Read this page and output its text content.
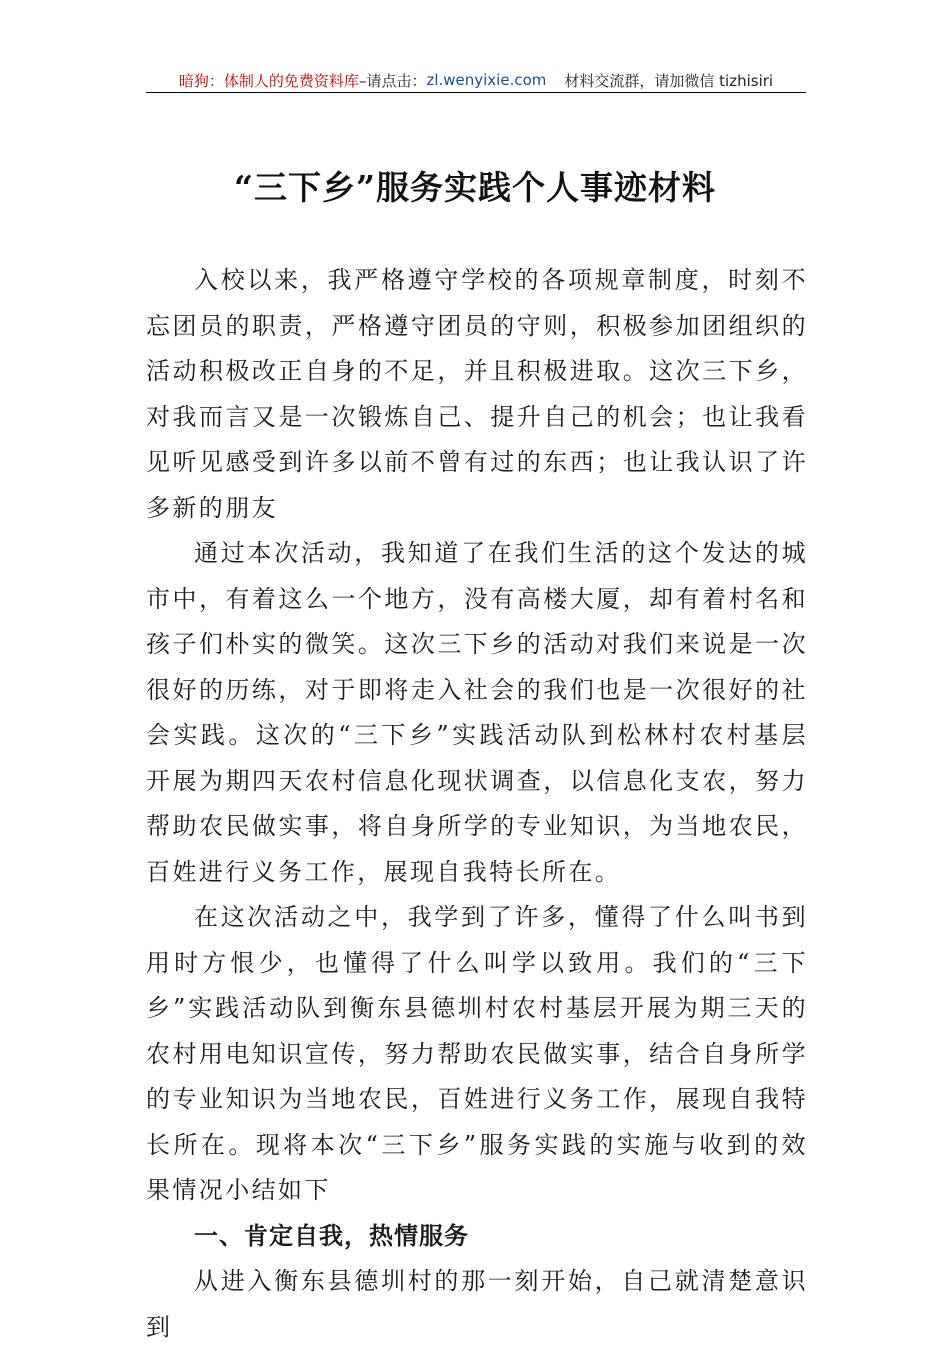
暗狗：体制人的免费资料库 –请点击： zl.wenyixie.com 材料交流群，请加微信 tizhisiri
“三下乡”服务实践个人事迹材料

入校以来，我严格遵守学校的各项规章制度，时刻不忘团员的职责，严格遵守团员的守则，积极参加团组织的活动积极改正自身的不足，并且积极进取。这次三下乡，对我而言又是一次锻炼自己、提升自己的机会；也让我看见听见感受到许多以前不曾有过的东西；也让我认识了许多新的朋友

通过本次活动，我知道了在我们生活的这个发达的城市中，有着这么一个地方，没有高楼大厦，却有着村名和孩子们朴实的微笑。这次三下乡的活动对我们来说是一次很好的历练，对于即将走入社会的我们也是一次很好的社会实践。这次的“三下乡”实践活动队到松林村农村基层开展为期四天农村信息化现状调查，以信息化支农，努力帮助农民做实事，将自身所学的专业知识，为当地农民，百姓进行义务工作，展现自我特长所在。

在这次活动之中，我学到了许多，懂得了什么叫书到用时方恨少，也懂得了什么叫学以致用。我们的“三下乡”实践活动队到衡东县德圳村农村基层开展为期三天的农村用电知识宣传，努力帮助农民做实事，结合自身所学的专业知识为当地农民，百姓进行义务工作，展现自我特长所在。现将本次“三下乡”服务实践的实施与收到的效果情况小结如下

一、肯定自我，热情服务

从进入衡东县德圳村的那一刻开始，自己就清楚意识到
